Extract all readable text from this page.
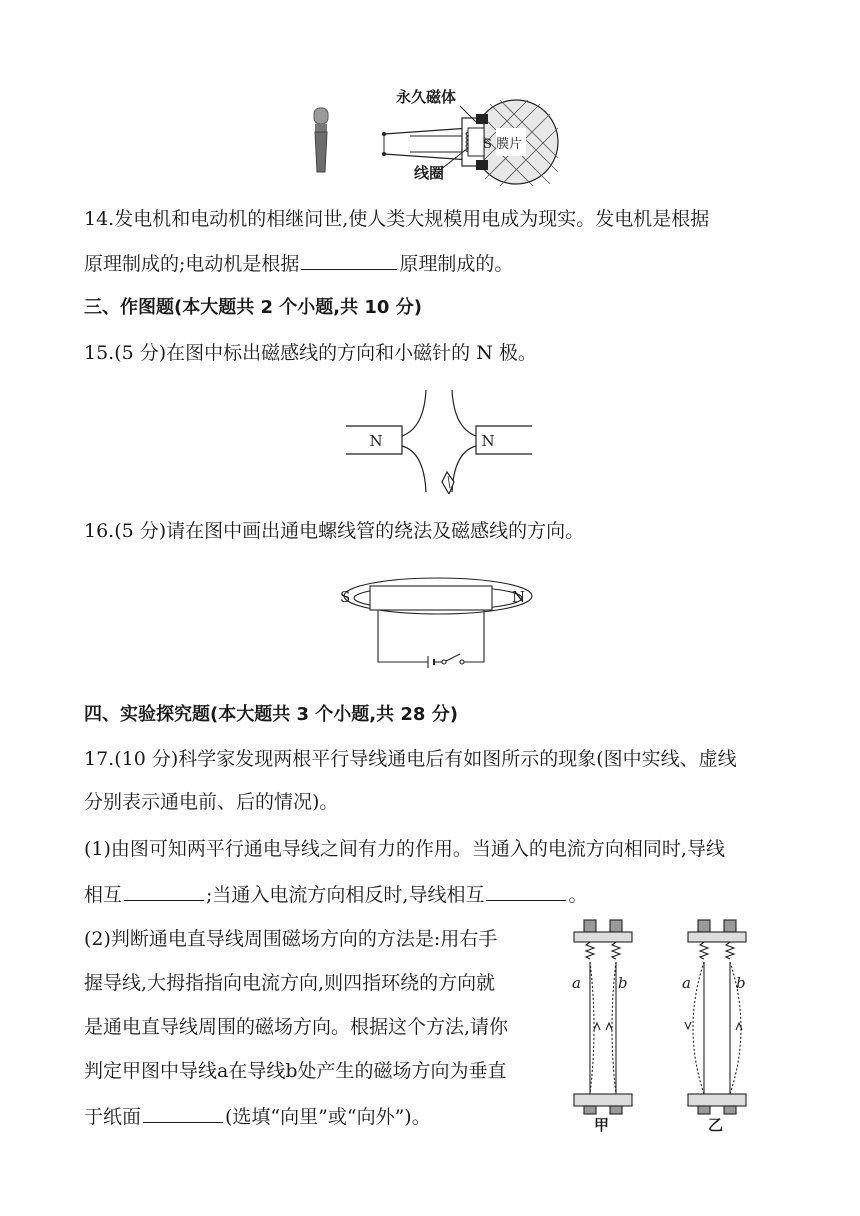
膜片
S
永久磁体
线圈
14.发电机和电动机的相继问世,使人类大规模用电成为现实。发电机是根据
原理制成的;电动机是根据	原理制成的。
三、作图题(本大题共 2 个小题,共 10 分)
15.(5 分)在图中标出磁感线的方向和小磁针的 N 极。
N	N
16.(5 分)请在图中画出通电螺线管的绕法及磁感线的方向。
S	N
四、实验探究题(本大题共 3 个小题,共 28 分)
17.(10 分)科学家发现两根平行导线通电后有如图所示的现象(图中实线、虚线
分别表示通电前、后的情况)。
(1)由图可知两平行通电导线之间有力的作用。当通入的电流方向相同时,导线
相互	;当通入电流方向相反时,导线相互	。
(2)判断通电直导线周围磁场方向的方法是:用右手
握导线,大拇指指向电流方向,则四指环绕的方向就
是通电直导线周围的磁场方向。根据这个方法,请你
判定甲图中导线a在导线b处产生的磁场方向为垂直
于纸面	(选填“向里”或“向外”)。
a b	a	b
甲	乙
